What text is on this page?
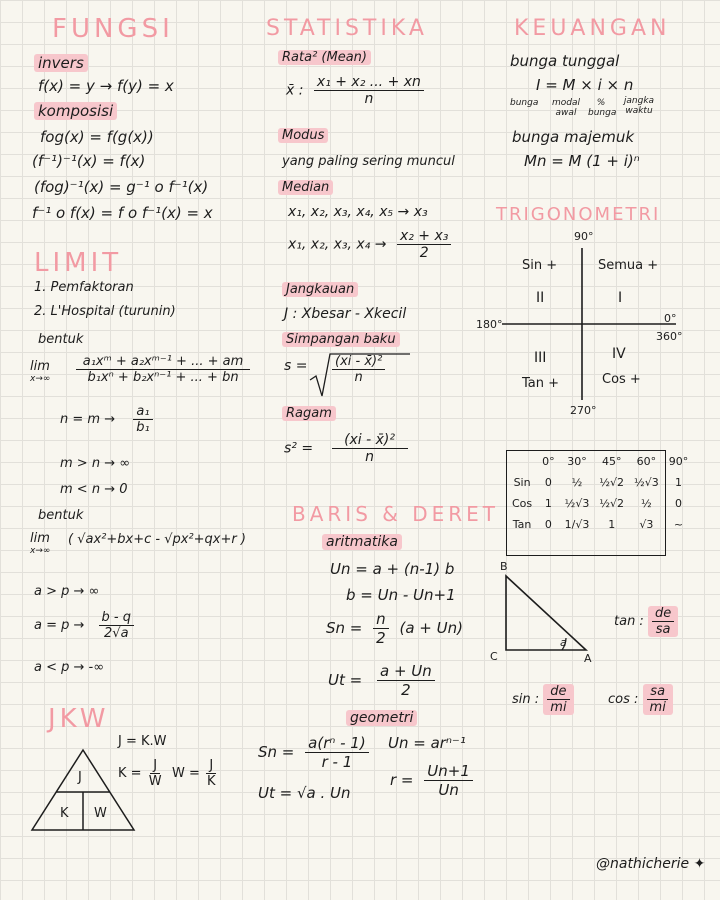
FUNGSI
invers
f(x) = y → f(y) = x
komposisi
fog(x) = f(g(x))
(f⁻¹)⁻¹(x) = f(x)
(fog)⁻¹(x) = g⁻¹ o f⁻¹(x)
f⁻¹ o f(x) = f o f⁻¹(x) = x
LIMIT
1. Pemfaktoran
2. L'Hospital (turunin)
bentuk
lim
$x\to\infty \frac{\text{a₁xᵐ + a₂xᵐ⁻¹ + ... + am}}{\text{b₁xⁿ + b₂xⁿ⁻¹ + ... + bn}}$
$n = m \to \frac{\text{a₁}}{\text{b₁}}$
m > n → ∞
m < n → 0
bentuk
lim
x→∞
( √ax²+bx+c - √px²+qx+r )
a > p → ∞
$a = p \to \frac{b - q}{2√a}$
a < p → -∞
JKW
J
K W
J = K.W
$K = \frac{J}{W}$ $W = \frac{J}{K}$
STATISTIKA
Rata² (Mean)
x̄ : $\frac{\text{x₁ + x₂ ... + xn}}{n}$
Modus
yang paling sering muncul
Median
x₁, x₂, x₃, x₄, x₅ → x₃
x₁, x₂, x₃, $x_4 \to \frac{\text{x₂ + x₃}}{2}$
Jangkauan
J : Xbesar - Xkecil
Simpangan baku
$s = \frac{\text{(xi - x̄)²}}{n}$
Ragam
$s^2 = \frac{\text{(xi - x̄)²}}{n}$
BARIS & DERET
aritmatika
Un = a + (n-1) b
b = Un - Un+1
$Sn = \frac{n}{2} (a + Un)$
$Ut = \frac{a + Un}{2}$
geometri
$Sn = \frac{\text{a(rⁿ - 1)}}{r - 1}$ Un = arⁿ⁻¹
$r = \frac{Un+1}{Un}$
Ut = √a . Un
KEUANGAN
bunga tunggal
I = M × i × n
bunga	modal awal
% bunga
jangka waktu
bunga majemuk
Mn = M (1 + i)ⁿ
TRIGONOMETRI
90°
180°	0°
360°
270°
Sin +	Semua +
II	I
III	IV
Tan +	Cos +
	0°	30°	45°	60°	90°
Sin	0	½	½√2	½√3	1
Cos	1	½√3	½√2	½	0
Tan	0	1/√3	1	√3	~
B
C	A
a
tan : $\frac{de}{sa}$
sin : $\frac{de}{mi}$	cos : $\frac{sa}{mi}$
@nathicherie ✦
